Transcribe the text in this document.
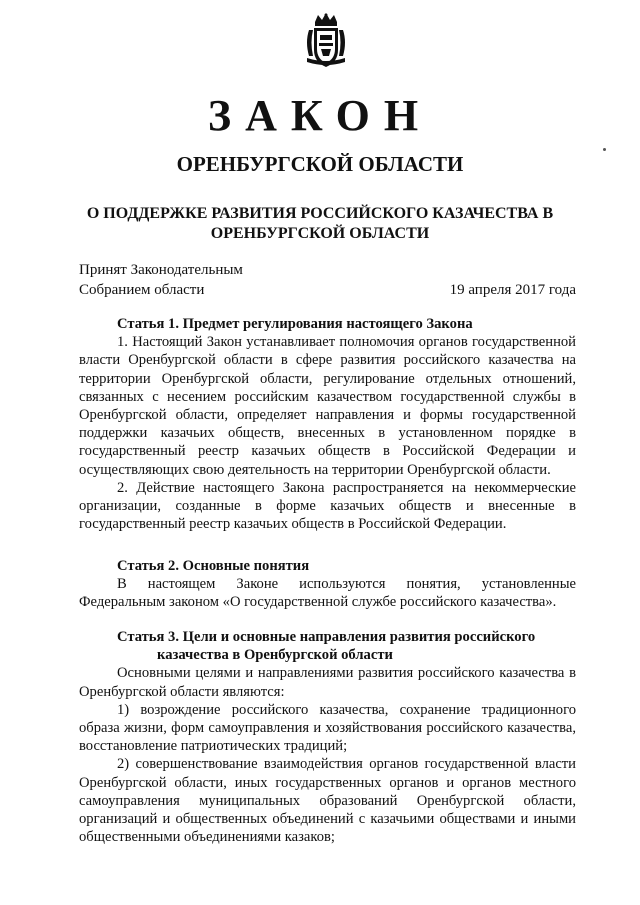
ЗАКОН
ОРЕНБУРГСКОЙ ОБЛАСТИ
О ПОДДЕРЖКЕ РАЗВИТИЯ РОССИЙСКОГО КАЗАЧЕСТВА В
ОРЕНБУРГСКОЙ ОБЛАСТИ
Принят Законодательным
Собранием области	19 апреля 2017 года

Статья 1. Предмет регулирования настоящего Закона

1. Настоящий Закон устанавливает полномочия органов государственной власти Оренбургской области в сфере развития российского казачества на территории Оренбургской области, регулирование отдельных отношений, связанных с несением российским казачеством государственной службы в Оренбургской области, определяет направления и формы государственной поддержки казачьих обществ, внесенных в установленном порядке в государственный реестр казачьих обществ в Российской Федерации и осуществляющих свою деятельность на территории Оренбургской области.

2. Действие настоящего Закона распространяется на некоммерческие организации, созданные в форме казачьих обществ и внесенные в государственный реестр казачьих обществ в Российской Федерации.

Статья 2. Основные понятия

В настоящем Законе используются понятия, установленные Федеральным законом «О государственной службе российского казачества».

Статья 3. Цели и основные направления развития российского

казачества в Оренбургской области

Основными целями и направлениями развития российского казачества в Оренбургской области являются:

1) возрождение российского казачества, сохранение традиционного образа жизни, форм самоуправления и хозяйствования российского казачества, восстановление патриотических традиций;

2) совершенствование взаимодействия органов государственной власти Оренбургской области, иных государственных органов и органов местного самоуправления муниципальных образований Оренбургской области, организаций и общественных объединений с казачьими обществами и иными общественными объединениями казаков;
